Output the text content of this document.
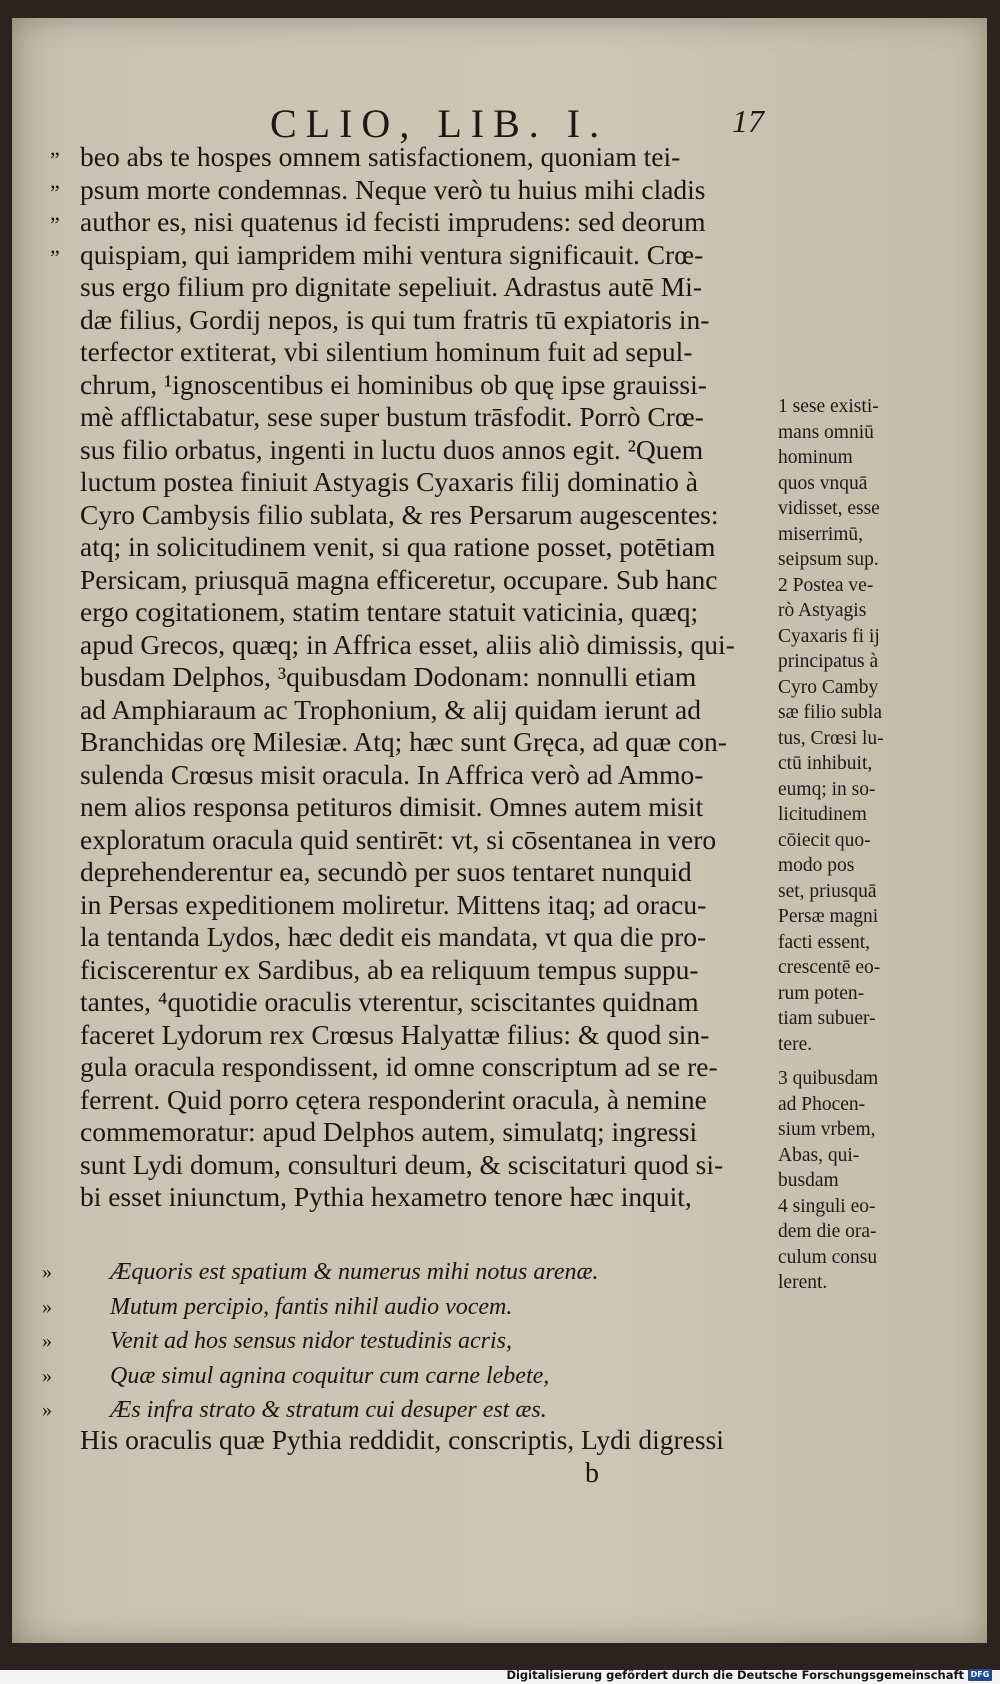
CLIO, LIB. I.	17
„ beo abs te hospes omnem satisfactionem, quoniam tei-
„ psum morte condemnas. Neque verò tu huius mihi cladis
„ author es, nisi quatenus id fecisti imprudens: sed deorum
„ quispiam, qui iampridem mihi ventura significauit. Crœ-
sus ergo filium pro dignitate sepeliuit. Adrastus autē Mi-
dæ filius, Gordij nepos, is qui tum fratris tū expiatoris in-
terfector extiterat, vbi silentium hominum fuit ad sepul-
chrum, ¹ignoscentibus ei hominibus ob quę ipse grauissi-
mè afflictabatur, sese super bustum trāsfodit. Porrò Crœ-
sus filio orbatus, ingenti in luctu duos annos egit. ²Quem
luctum postea finiuit Astyagis Cyaxaris filij dominatio à
Cyro Cambysis filio sublata, & res Persarum augescentes:
atq; in solicitudinem venit, si qua ratione posset, potētiam
Persicam, priusquā magna efficeretur, occupare. Sub hanc
ergo cogitationem, statim tentare statuit vaticinia, quæq;
apud Grecos, quæq; in Affrica esset, aliis aliò dimissis, qui-
busdam Delphos, ³quibusdam Dodonam: nonnulli etiam
ad Amphiaraum ac Trophonium, & alij quidam ierunt ad
Branchidas orę Milesiæ. Atq; hæc sunt Gręca, ad quæ con-
sulenda Crœsus misit oracula. In Affrica verò ad Ammo-
nem alios responsa petituros dimisit. Omnes autem misit
exploratum oracula quid sentirēt: vt, si cōsentanea in vero
deprehenderentur ea, secundò per suos tentaret nunquid
in Persas expeditionem moliretur. Mittens itaq; ad oracu-
la tentanda Lydos, hæc dedit eis mandata, vt qua die pro-
ficiscerentur ex Sardibus, ab ea reliquum tempus suppu-
tantes, ⁴quotidie oraculis vterentur, sciscitantes quidnam
faceret Lydorum rex Crœsus Halyattæ filius: & quod sin-
gula oracula respondissent, id omne conscriptum ad se re-
ferrent. Quid porro cętera responderint oracula, à nemine
commemoratur: apud Delphos autem, simulatq; ingressi
sunt Lydi domum, consulturi deum, & sciscitaturi quod si-
bi esset iniunctum, Pythia hexametro tenore hæc inquit,
» Æquoris est spatium & numerus mihi notus arenæ.
» Mutum percipio, fantis nihil audio vocem.
» Venit ad hos sensus nidor testudinis acris,
» Quæ simul agnina coquitur cum carne lebete,
» Æs infra strato & stratum cui desuper est æs.
His oraculis quæ Pythia reddidit, conscriptis, Lydi digressi
b
1 sese existi-
mans omniū
hominum
quos vnquā
vidisset, esse
miserrimū,
seipsum sup.
2 Postea ve-
rò Astyagis
Cyaxaris fi ij
principatus à
Cyro Camby
sæ filio subla
tus, Crœsi lu-
ctū inhibuit,
eumq; in so-
licitudinem
cōiecit quo-
modo pos
set, priusquā
Persæ magni
facti essent,
crescentē eo-
rum poten-
tiam subuer-
tere.
3 quibusdam
ad Phocen-
sium vrbem,
Abas, qui-
busdam
4 singuli eo-
dem die ora-
culum consu
lerent.
Digitalisierung gefördert durch die Deutsche Forschungsgemeinschaft DFG
